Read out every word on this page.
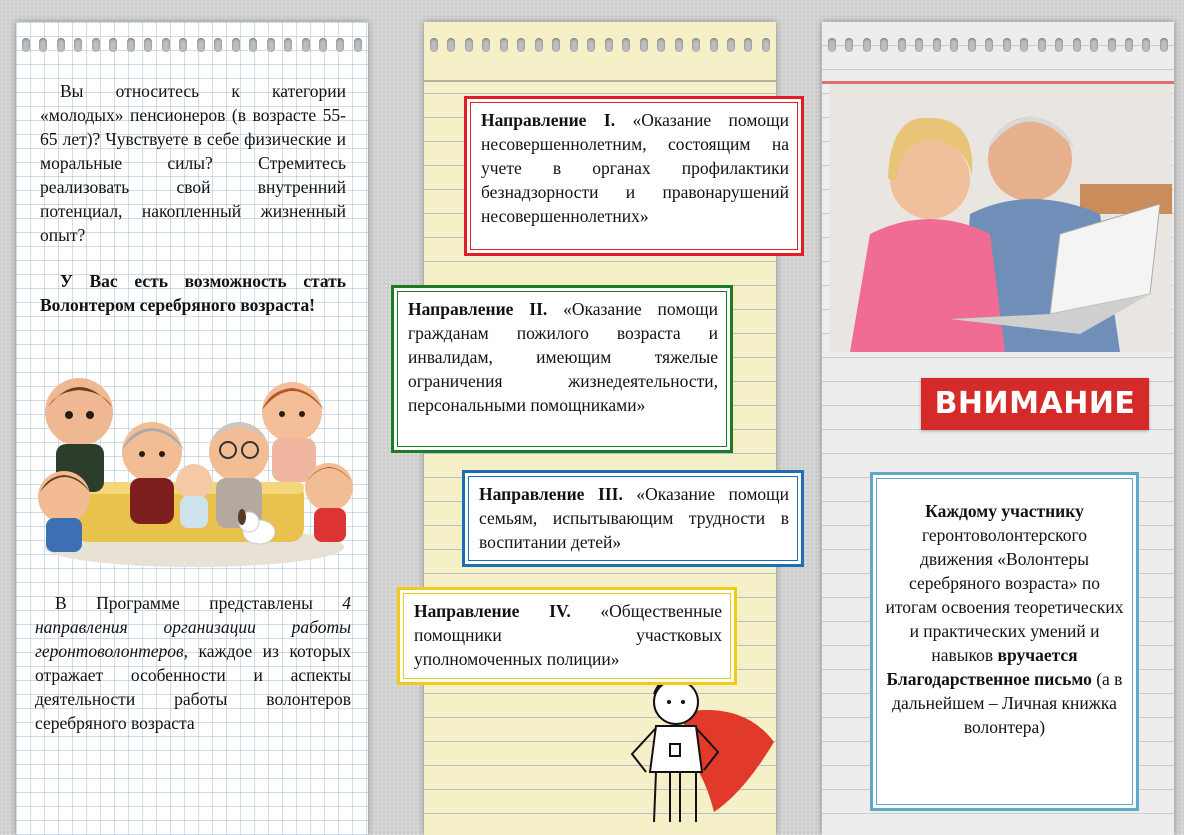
Вы относитесь к категории «молодых» пенсионеров (в возрасте 55-65 лет)? Чувствуете в себе физические и моральные силы? Стремитесь реализовать свой внутренний потенциал, накопленный жизненный опыт?
У Вас есть возможность стать Волонтером серебряного возраста!
В Программе представлены 4 направления организации работы геронтоволонтеров, каждое из которых отражает особенности и аспекты деятельности работы волонтеров серебряного возраста
Направление I. «Оказание помощи несовершеннолетним, состоящим на учете в органах профилактики безнадзорности и правонарушений несовершеннолетних»
Направление II. «Оказание помощи гражданам пожилого возраста и инвалидам, имеющим тяжелые ограничения жизнедеятельности, персональными помощниками»
Направление III. «Оказание помощи семьям, испытывающим трудности в воспитании детей»
Направление IV. «Общественные помощники участковых уполномоченных полиции»
ВНИМАНИЕ
Каждому участнику геронтоволонтерского движения «Волонтеры серебряного возраста» по итогам освоения теоретических и практических умений и навыков вручается Благодарственное письмо (а в дальнейшем – Личная книжка волонтера)
